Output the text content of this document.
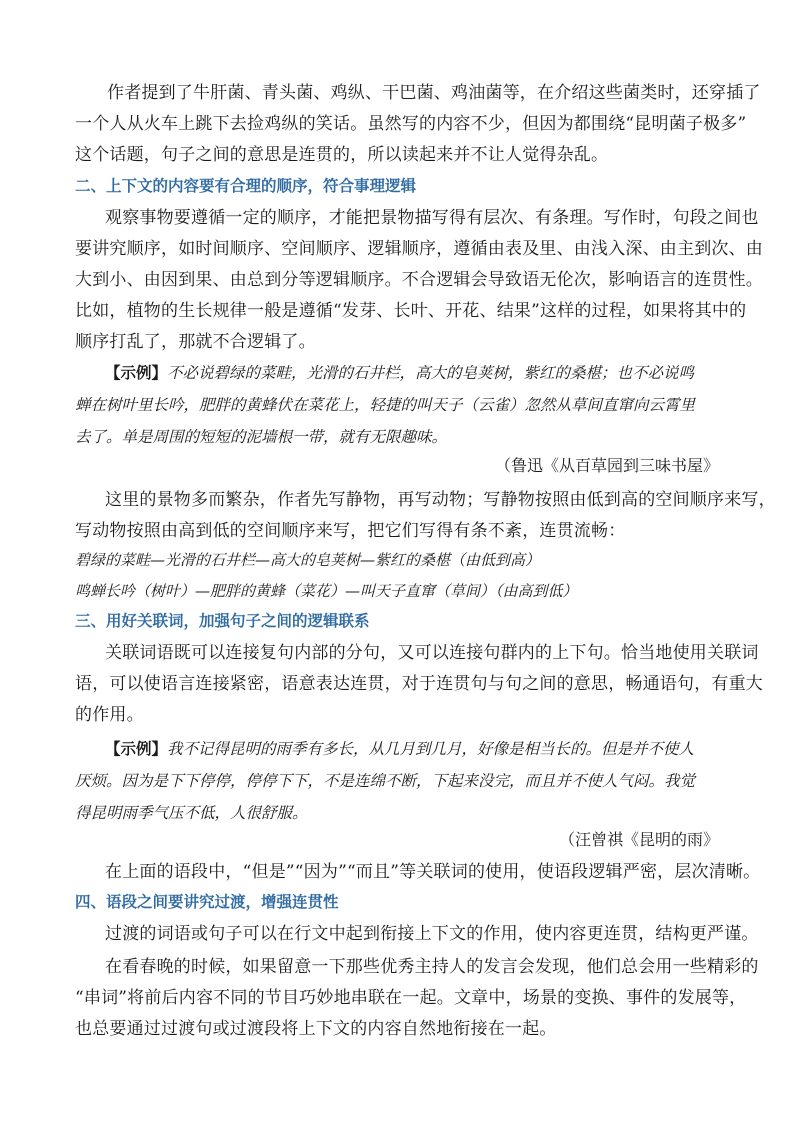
作者提到了牛肝菌、青头菌、鸡纵、干巴菌、鸡油菌等，在介绍这些菌类时，还穿插了
一个人从火车上跳下去捡鸡纵的笑话。虽然写的内容不少，但因为都围绕“昆明菌子极多”
这个话题，句子之间的意思是连贯的，所以读起来并不让人觉得杂乱。
二、上下文的内容要有合理的顺序，符合事理逻辑
观察事物要遵循一定的顺序，才能把景物描写得有层次、有条理。写作时，句段之间也
要讲究顺序，如时间顺序、空间顺序、逻辑顺序，遵循由表及里、由浅入深、由主到次、由
大到小、由因到果、由总到分等逻辑顺序。不合逻辑会导致语无伦次，影响语言的连贯性。
比如，植物的生长规律一般是遵循“发芽、长叶、开花、结果”这样的过程，如果将其中的
顺序打乱了，那就不合逻辑了。
【示例】不必说碧绿的菜畦，光滑的石井栏，高大的皂荚树，紫红的桑椹；也不必说鸣
蝉在树叶里长吟，肥胖的黄蜂伏在菜花上，轻捷的叫天子（云雀）忽然从草间直窜向云霄里
去了。单是周围的短短的泥墙根一带，就有无限趣味。
（鲁迅《从百草园到三味书屋》
这里的景物多而繁杂，作者先写静物，再写动物；写静物按照由低到高的空间顺序来写，
写动物按照由高到低的空间顺序来写，把它们写得有条不紊，连贯流畅：
碧绿的菜畦—光滑的石井栏—高大的皂荚树—紫红的桑椹（由低到高）
鸣蝉长吟（树叶）—肥胖的黄蜂（菜花）—叫天子直窜（草间）（由高到低）
三、用好关联词，加强句子之间的逻辑联系
关联词语既可以连接复句内部的分句，又可以连接句群内的上下句。恰当地使用关联词
语，可以使语言连接紧密，语意表达连贯，对于连贯句与句之间的意思，畅通语句，有重大
的作用。
【示例】我不记得昆明的雨季有多长，从几月到几月，好像是相当长的。但是并不使人
厌烦。因为是下下停停，停停下下，不是连绵不断，下起来没完，而且并不使人气闷。我觉
得昆明雨季气压不低，人很舒服。
（汪曾祺《昆明的雨》
在上面的语段中，“但是”“因为”“而且”等关联词的使用，使语段逻辑严密，层次清晰。
四、语段之间要讲究过渡，增强连贯性
过渡的词语或句子可以在行文中起到衔接上下文的作用，使内容更连贯，结构更严谨。
在看春晚的时候，如果留意一下那些优秀主持人的发言会发现，他们总会用一些精彩的
“串词”将前后内容不同的节目巧妙地串联在一起。文章中，场景的变换、事件的发展等，
也总要通过过渡句或过渡段将上下文的内容自然地衔接在一起。
